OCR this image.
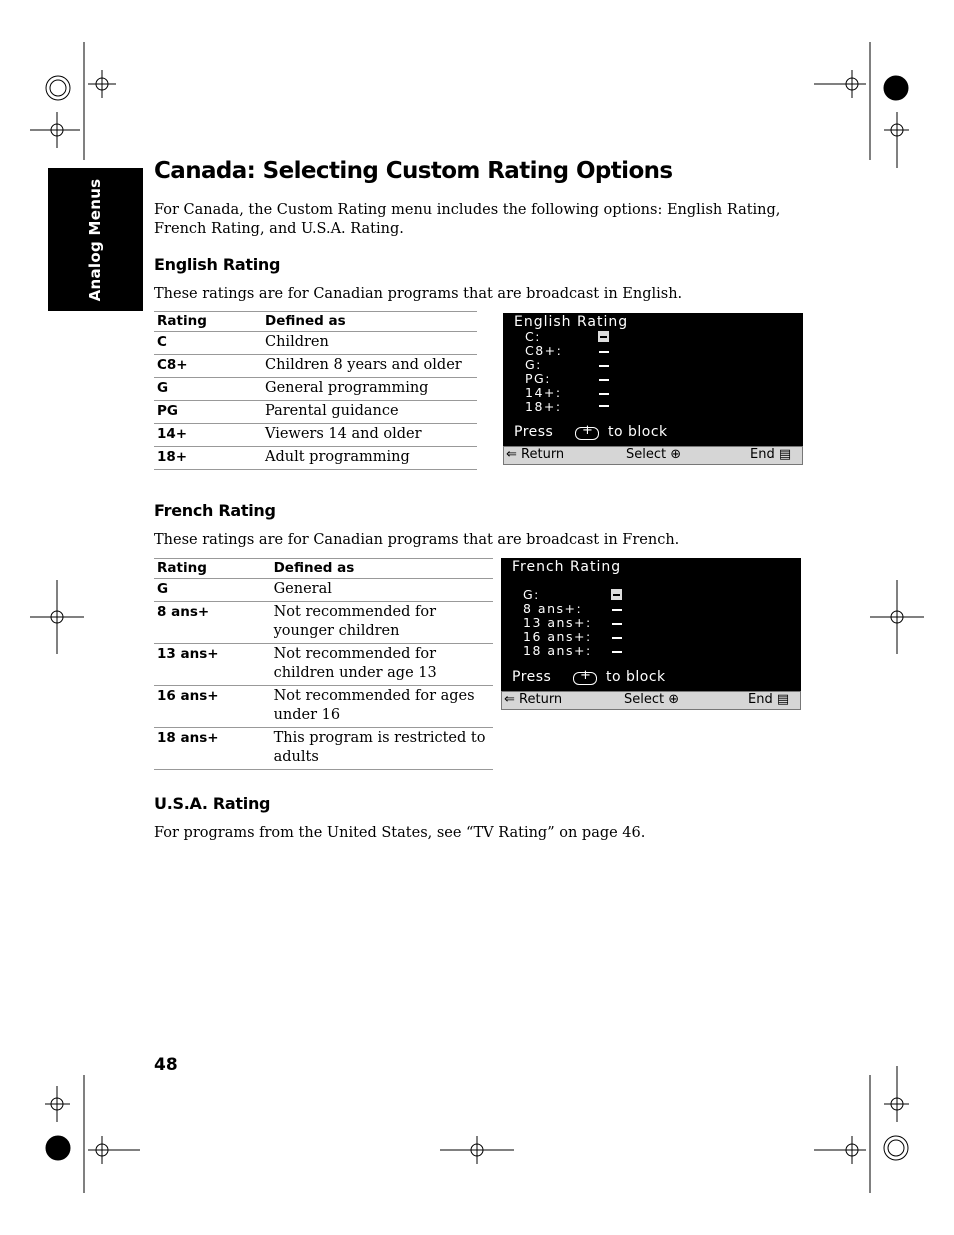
Analog Menus
Canada: Selecting Custom Rating Options

For Canada, the Custom Rating menu includes the following options: English Rating, French Rating, and U.S.A. Rating.

English Rating

These ratings are for Canadian programs that are broadcast in English.

Rating	Defined as
C	Children
C8+	Children 8 years and older
G	General programming
PG	Parental guidance
14+	Viewers 14 and older
18+	Adult programming
English Rating
C:
C8+:
G:
PG:
14+:
18+:
Press +	to block
⇐ Return	Select ⊕	End ▤
French Rating

These ratings are for Canadian programs that are broadcast in French.

Rating	Defined as
G	General
8 ans+	Not recommended for younger children
13 ans+	Not recommended for children under age 13
16 ans+	Not recommended for ages under 16
18 ans+	This program is restricted to adults
French Rating
G:
8 ans+:
13 ans+:
16 ans+:
18 ans+:
Press +	to block
⇐ Return	Select ⊕	End ▤
U.S.A. Rating

For programs from the United States, see “TV Rating” on page 46.

48
